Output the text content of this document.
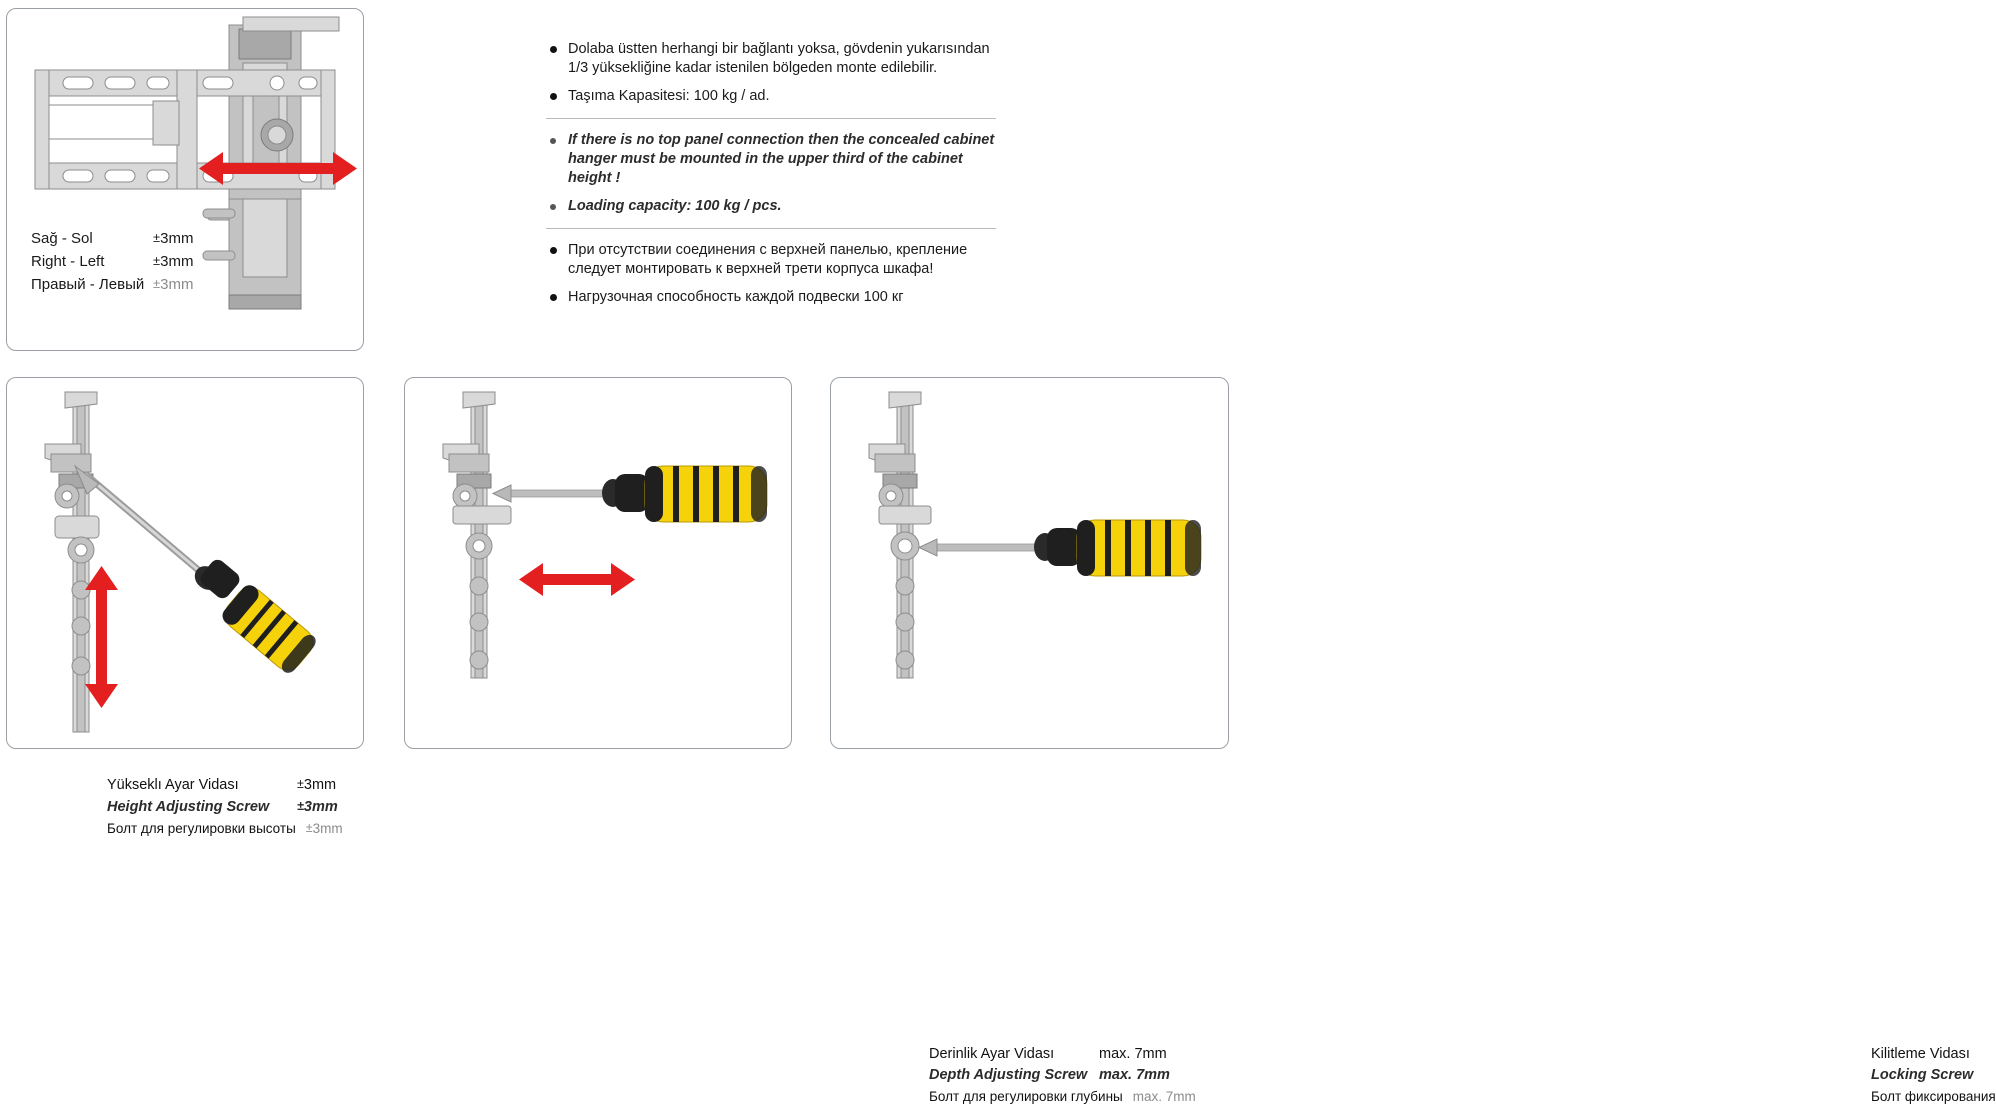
Sağ - Sol	±3mm
Right - Left	±3mm
Правый - Левый ±3mm
Dolaba üstten herhangi bir bağlantı yoksa, gövdenin yukarısından 1/3 yüksekliğine kadar istenilen bölgeden monte edilebilir.
Taşıma Kapasitesi: 100 kg / ad.
If there is no top panel connection then the concealed cabinet hanger must be mounted in the upper third of the cabinet height !
Loading capacity: 100 kg / pcs.
При отсутствии соединения с верхней панелью, крепление следует монтировать к верхней трети корпуса шкафа!
Нагрузочная способность каждой подвески 100 кг
Yükseklı Ayar Vidası	±3mm
Height Adjusting Screw	±3mm
Болт для регулировки высоты ±3mm
Derinlik Ayar Vidası	max. 7mm
Depth Adjusting Screw max. 7mm
Болт для регулировки глубины max. 7mm
Kilitleme Vidası
Locking Screw
Болт фиксирования
